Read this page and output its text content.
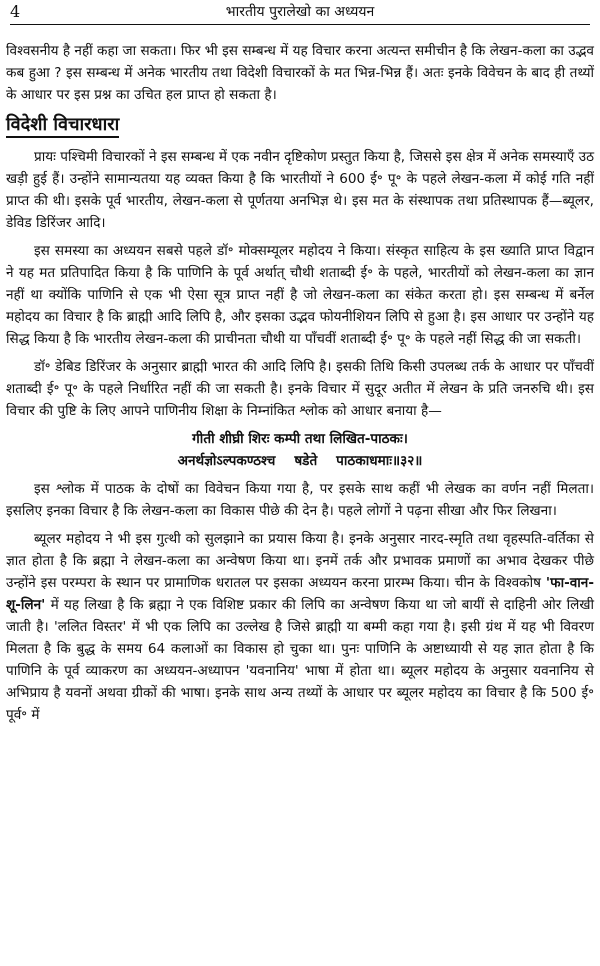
4	भारतीय पुरालेखो का अध्ययन

विश्वसनीय है नहीं कहा जा सकता। फिर भी इस सम्बन्ध में यह विचार करना अत्यन्त समीचीन है कि लेखन-कला का उद्भव कब हुआ ? इस सम्बन्ध में अनेक भारतीय तथा विदेशी विचारकों के मत भिन्न-भिन्न हैं। अतः इनके विवेचन के बाद ही तथ्यों के आधार पर इस प्रश्न का उचित हल प्राप्त हो सकता है।

विदेशी विचारधारा

प्रायः पश्चिमी विचारकों ने इस सम्बन्ध में एक नवीन दृष्टिकोण प्रस्तुत किया है, जिससे इस क्षेत्र में अनेक समस्याएँ उठ खड़ी हुई हैं। उन्होंने सामान्यतया यह व्यक्त किया है कि भारतीयों ने 600 ई॰ पू॰ के पहले लेखन-कला में कोई गति नहीं प्राप्त की थी। इसके पूर्व भारतीय, लेखन-कला से पूर्णतया अनभिज्ञ थे। इस मत के संस्थापक तथा प्रतिस्थापक हैं—ब्यूलर, डेविड डिरिंजर आदि।

इस समस्या का अध्ययन सबसे पहले डॉ॰ मोक्सम्यूलर महोदय ने किया। संस्कृत साहित्य के इस ख्याति प्राप्त विद्वान ने यह मत प्रतिपादित किया है कि पाणिनि के पूर्व अर्थात् चौथी शताब्दी ई॰ के पहले, भारतीयों को लेखन-कला का ज्ञान नहीं था क्योंकि पाणिनि से एक भी ऐसा सूत्र प्राप्त नहीं है जो लेखन-कला का संकेत करता हो। इस सम्बन्ध में बर्नेल महोदय का विचार है कि ब्राह्मी आदि लिपि है, और इसका उद्भव फोयनीशियन लिपि से हुआ है। इस आधार पर उन्होंने यह सिद्ध किया है कि भारतीय लेखन-कला की प्राचीनता चौथी या पाँचवीं शताब्दी ई॰ पू॰ के पहले नहीं सिद्ध की जा सकती।

डॉ॰ डेबिड डिरिंजर के अनुसार ब्राह्मी भारत की आदि लिपि है। इसकी तिथि किसी उपलब्ध तर्क के आधार पर पाँचवीं शताब्दी ई॰ पू॰ के पहले निर्धारित नहीं की जा सकती है। इनके विचार में सुदूर अतीत में लेखन के प्रति जनरुचि थी। इस विचार की पुष्टि के लिए आपने पाणिनीय शिक्षा के निम्नांकित श्लोक को आधार बनाया है—

गीती शीघ्री शिरः कम्पी तथा लिखित-पाठकः।
अनर्थज्ञोऽल्पकण्ठश्च    षडेते    पाठकाधमाः॥३२॥

इस श्लोक में पाठक के दोषों का विवेचन किया गया है, पर इसके साथ कहीं भी लेखक का वर्णन नहीं मिलता। इसलिए इनका विचार है कि लेखन-कला का विकास पीछे की देन है। पहले लोगों ने पढ़ना सीखा और फिर लिखना।

ब्यूलर महोदय ने भी इस गुत्थी को सुलझाने का प्रयास किया है। इनके अनुसार नारद-स्मृति तथा वृहस्पति-वर्तिका से ज्ञात होता है कि ब्रह्मा ने लेखन-कला का अन्वेषण किया था। इनमें तर्क और प्रभावक प्रमाणों का अभाव देखकर पीछे उन्होंने इस परम्परा के स्थान पर प्रामाणिक धरातल पर इसका अध्ययन करना प्रारम्भ किया। चीन के विश्वकोष 'फा-वान-शू-लिन' में यह लिखा है कि ब्रह्मा ने एक विशिष्ट प्रकार की लिपि का अन्वेषण किया था जो बायीं से दाहिनी ओर लिखी जाती है। 'ललित विस्तर' में भी एक लिपि का उल्लेख है जिसे ब्राह्मी या बम्मी कहा गया है। इसी ग्रंथ में यह भी विवरण मिलता है कि बुद्ध के समय 64 कलाओं का विकास हो चुका था। पुनः पाणिनि के अष्टाध्यायी से यह ज्ञात होता है कि पाणिनि के पूर्व व्याकरण का अध्ययन-अध्यापन 'यवनानिय' भाषा में होता था। ब्यूलर महोदय के अनुसार यवनानिय से अभिप्राय है यवनों अथवा ग्रीकों की भाषा। इनके साथ अन्य तथ्यों के आधार पर ब्यूलर महोदय का विचार है कि 500 ई॰ पूर्व॰ में
